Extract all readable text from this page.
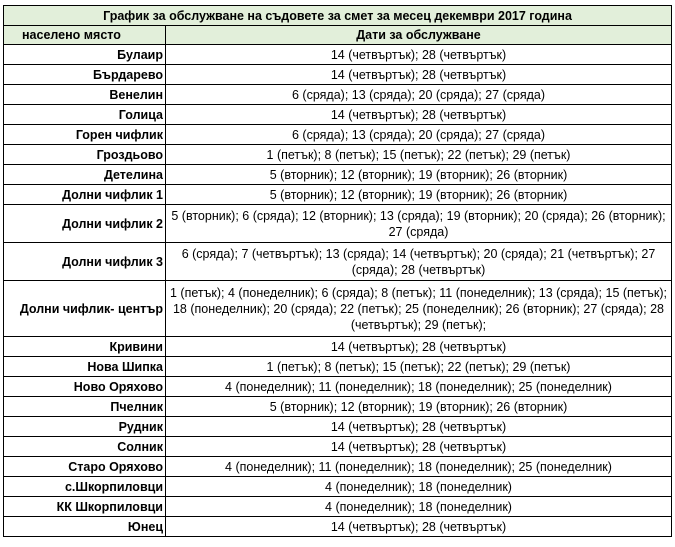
График за обслужване на съдовете за смет за месец декември 2017 година	
населено място	Дати за обслужване
Булаир	14 (четвъртък); 28 (четвъртък)
Бърдарево	14 (четвъртък); 28 (четвъртък)
Венелин	6 (сряда); 13 (сряда); 20 (сряда); 27 (сряда)
Голица	14 (четвъртък); 28 (четвъртък)
Горен чифлик	6 (сряда); 13 (сряда); 20 (сряда); 27 (сряда)
Гроздьово	1 (петък); 8 (петък); 15 (петък); 22 (петък); 29 (петък)
Детелина	5 (вторник); 12 (вторник); 19 (вторник); 26 (вторник)
Долни чифлик 1	5 (вторник); 12 (вторник); 19 (вторник); 26 (вторник)
Долни чифлик 2	5 (вторник); 6 (сряда); 12 (вторник); 13 (сряда); 19 (вторник); 20 (сряда); 26 (вторник); 27 (сряда)
Долни чифлик 3	6 (сряда); 7 (четвъртък); 13 (сряда); 14 (четвъртък); 20 (сряда); 21 (четвъртък); 27 (сряда); 28 (четвъртък)
Долни чифлик- център	1 (петък); 4 (понеделник); 6 (сряда); 8 (петък); 11 (понеделник); 13 (сряда); 15 (петък); 18 (понеделник); 20 (сряда); 22 (петък); 25 (понеделник); 26 (вторник); 27 (сряда); 28 (четвъртък); 29 (петък);
Кривини	14 (четвъртък); 28 (четвъртък)
Нова Шипка	1 (петък); 8 (петък); 15 (петък); 22 (петък); 29 (петък)
Ново Оряхово	4 (понеделник); 11 (понеделник); 18 (понеделник); 25 (понеделник)
Пчелник	5 (вторник); 12 (вторник); 19 (вторник); 26 (вторник)
Рудник	14 (четвъртък); 28 (четвъртък)
Солник	14 (четвъртък); 28 (четвъртък)
Старо Оряхово	4 (понеделник); 11 (понеделник); 18 (понеделник); 25 (понеделник)
с.Шкорпиловци	4 (понеделник); 18 (понеделник)
КК Шкорпиловци	4 (понеделник); 18 (понеделник)
Юнец	14 (четвъртък); 28 (четвъртък)
